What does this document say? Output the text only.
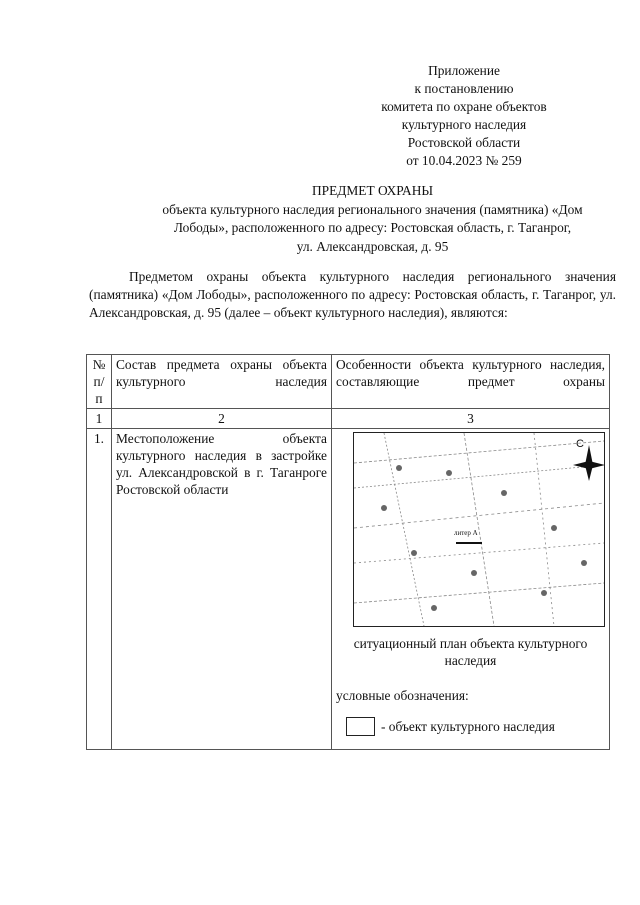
Приложение
к постановлению
комитета по охране объектов
культурного наследия
Ростовской области
от 10.04.2023 № 259
ПРЕДМЕТ ОХРАНЫ
объекта культурного наследия регионального значения (памятника) «Дом
Лободы», расположенного по адресу: Ростовская область, г. Таганрог,
ул. Александровская, д. 95
Предметом охраны объекта культурного наследия регионального значения (памятника) «Дом Лободы», расположенного по адресу: Ростовская область, г. Таганрог, ул. Александровская, д. 95 (далее – объект культурного наследия), являются:
№ п/п	Состав предмета охраны объекта культурного наследия	Особенности объекта культурного наследия, составляющие предмет охраны
1	2	3
1.	Местоположение объекта культурного наследия в застройке ул. Александровской в г. Таганроге Ростовской области	литер А
С
ситуационный план объекта культурного наследия
условные обозначения:
- объект культурного наследия
